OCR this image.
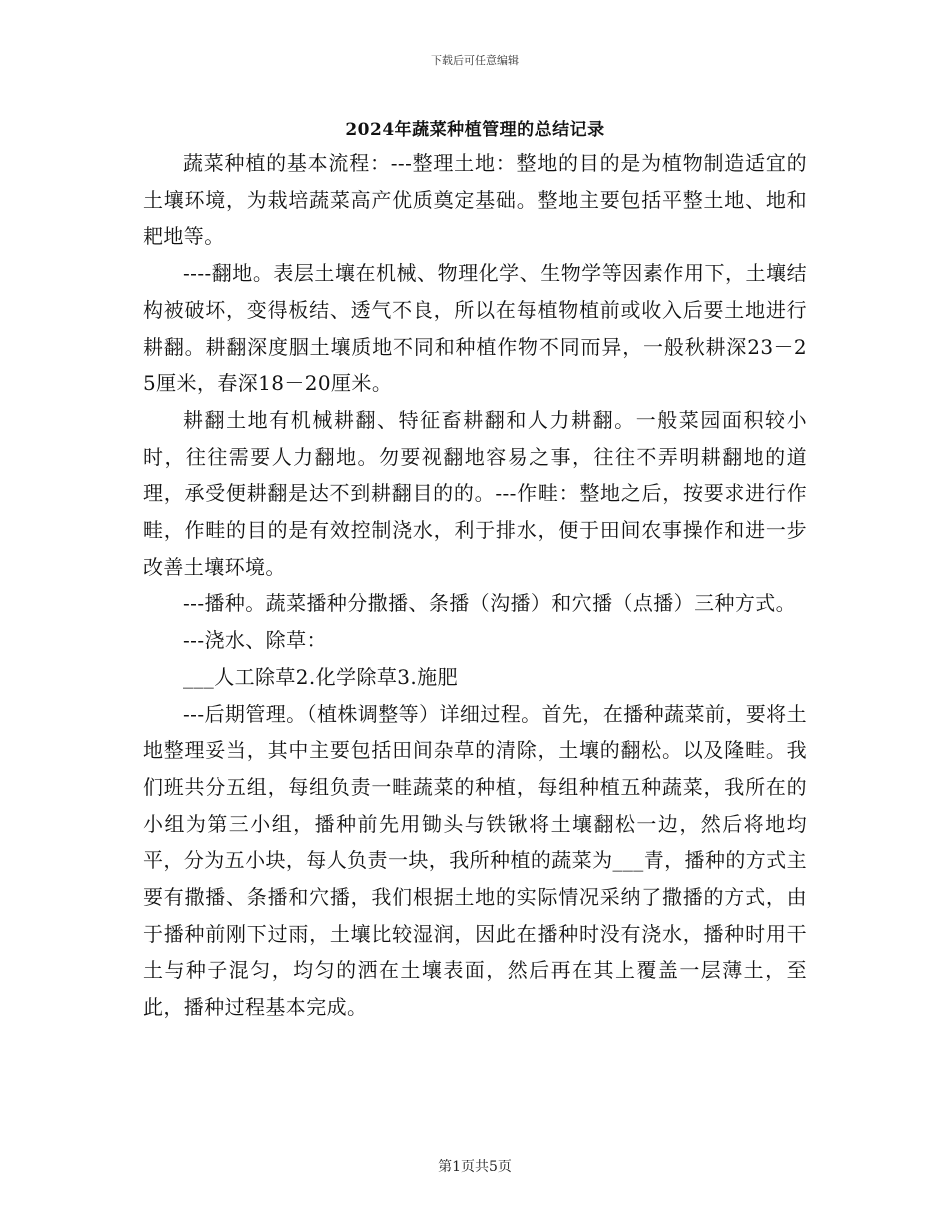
下载后可任意编辑
2024年蔬菜种植管理的总结记录

蔬菜种植的基本流程：---整理土地：整地的目的是为植物制造适宜的土壤环境，为栽培蔬菜高产优质奠定基础。整地主要包括平整土地、地和耙地等。

----翻地。表层土壤在机械、物理化学、生物学等因素作用下，土壤结构被破坏，变得板结、透气不良，所以在每植物植前或收入后要土地进行耕翻。耕翻深度胭土壤质地不同和种植作物不同而异，一般秋耕深23－25厘米，春深18－20厘米。

耕翻土地有机械耕翻、特征畜耕翻和人力耕翻。一般菜园面积较小时，往往需要人力翻地。勿要视翻地容易之事，往往不弄明耕翻地的道理，承受便耕翻是达不到耕翻目的的。---作畦：整地之后，按要求进行作畦，作畦的目的是有效控制浇水，利于排水，便于田间农事操作和进一步改善土壤环境。

---播种。蔬菜播种分撒播、条播（沟播）和穴播（点播）三种方式。

---浇水、除草：

___人工除草2.化学除草3.施肥

---后期管理。（植株调整等）详细过程。首先，在播种蔬菜前，要将土地整理妥当，其中主要包括田间杂草的清除，土壤的翻松。以及隆畦。我们班共分五组，每组负责一畦蔬菜的种植，每组种植五种蔬菜，我所在的小组为第三小组，播种前先用锄头与铁锹将土壤翻松一边，然后将地均平，分为五小块，每人负责一块，我所种植的蔬菜为___青，播种的方式主要有撒播、条播和穴播，我们根据土地的实际情况采纳了撒播的方式，由于播种前刚下过雨，土壤比较湿润，因此在播种时没有浇水，播种时用干土与种子混匀，均匀的洒在土壤表面，然后再在其上覆盖一层薄土，至此，播种过程基本完成。

第1页共5页
